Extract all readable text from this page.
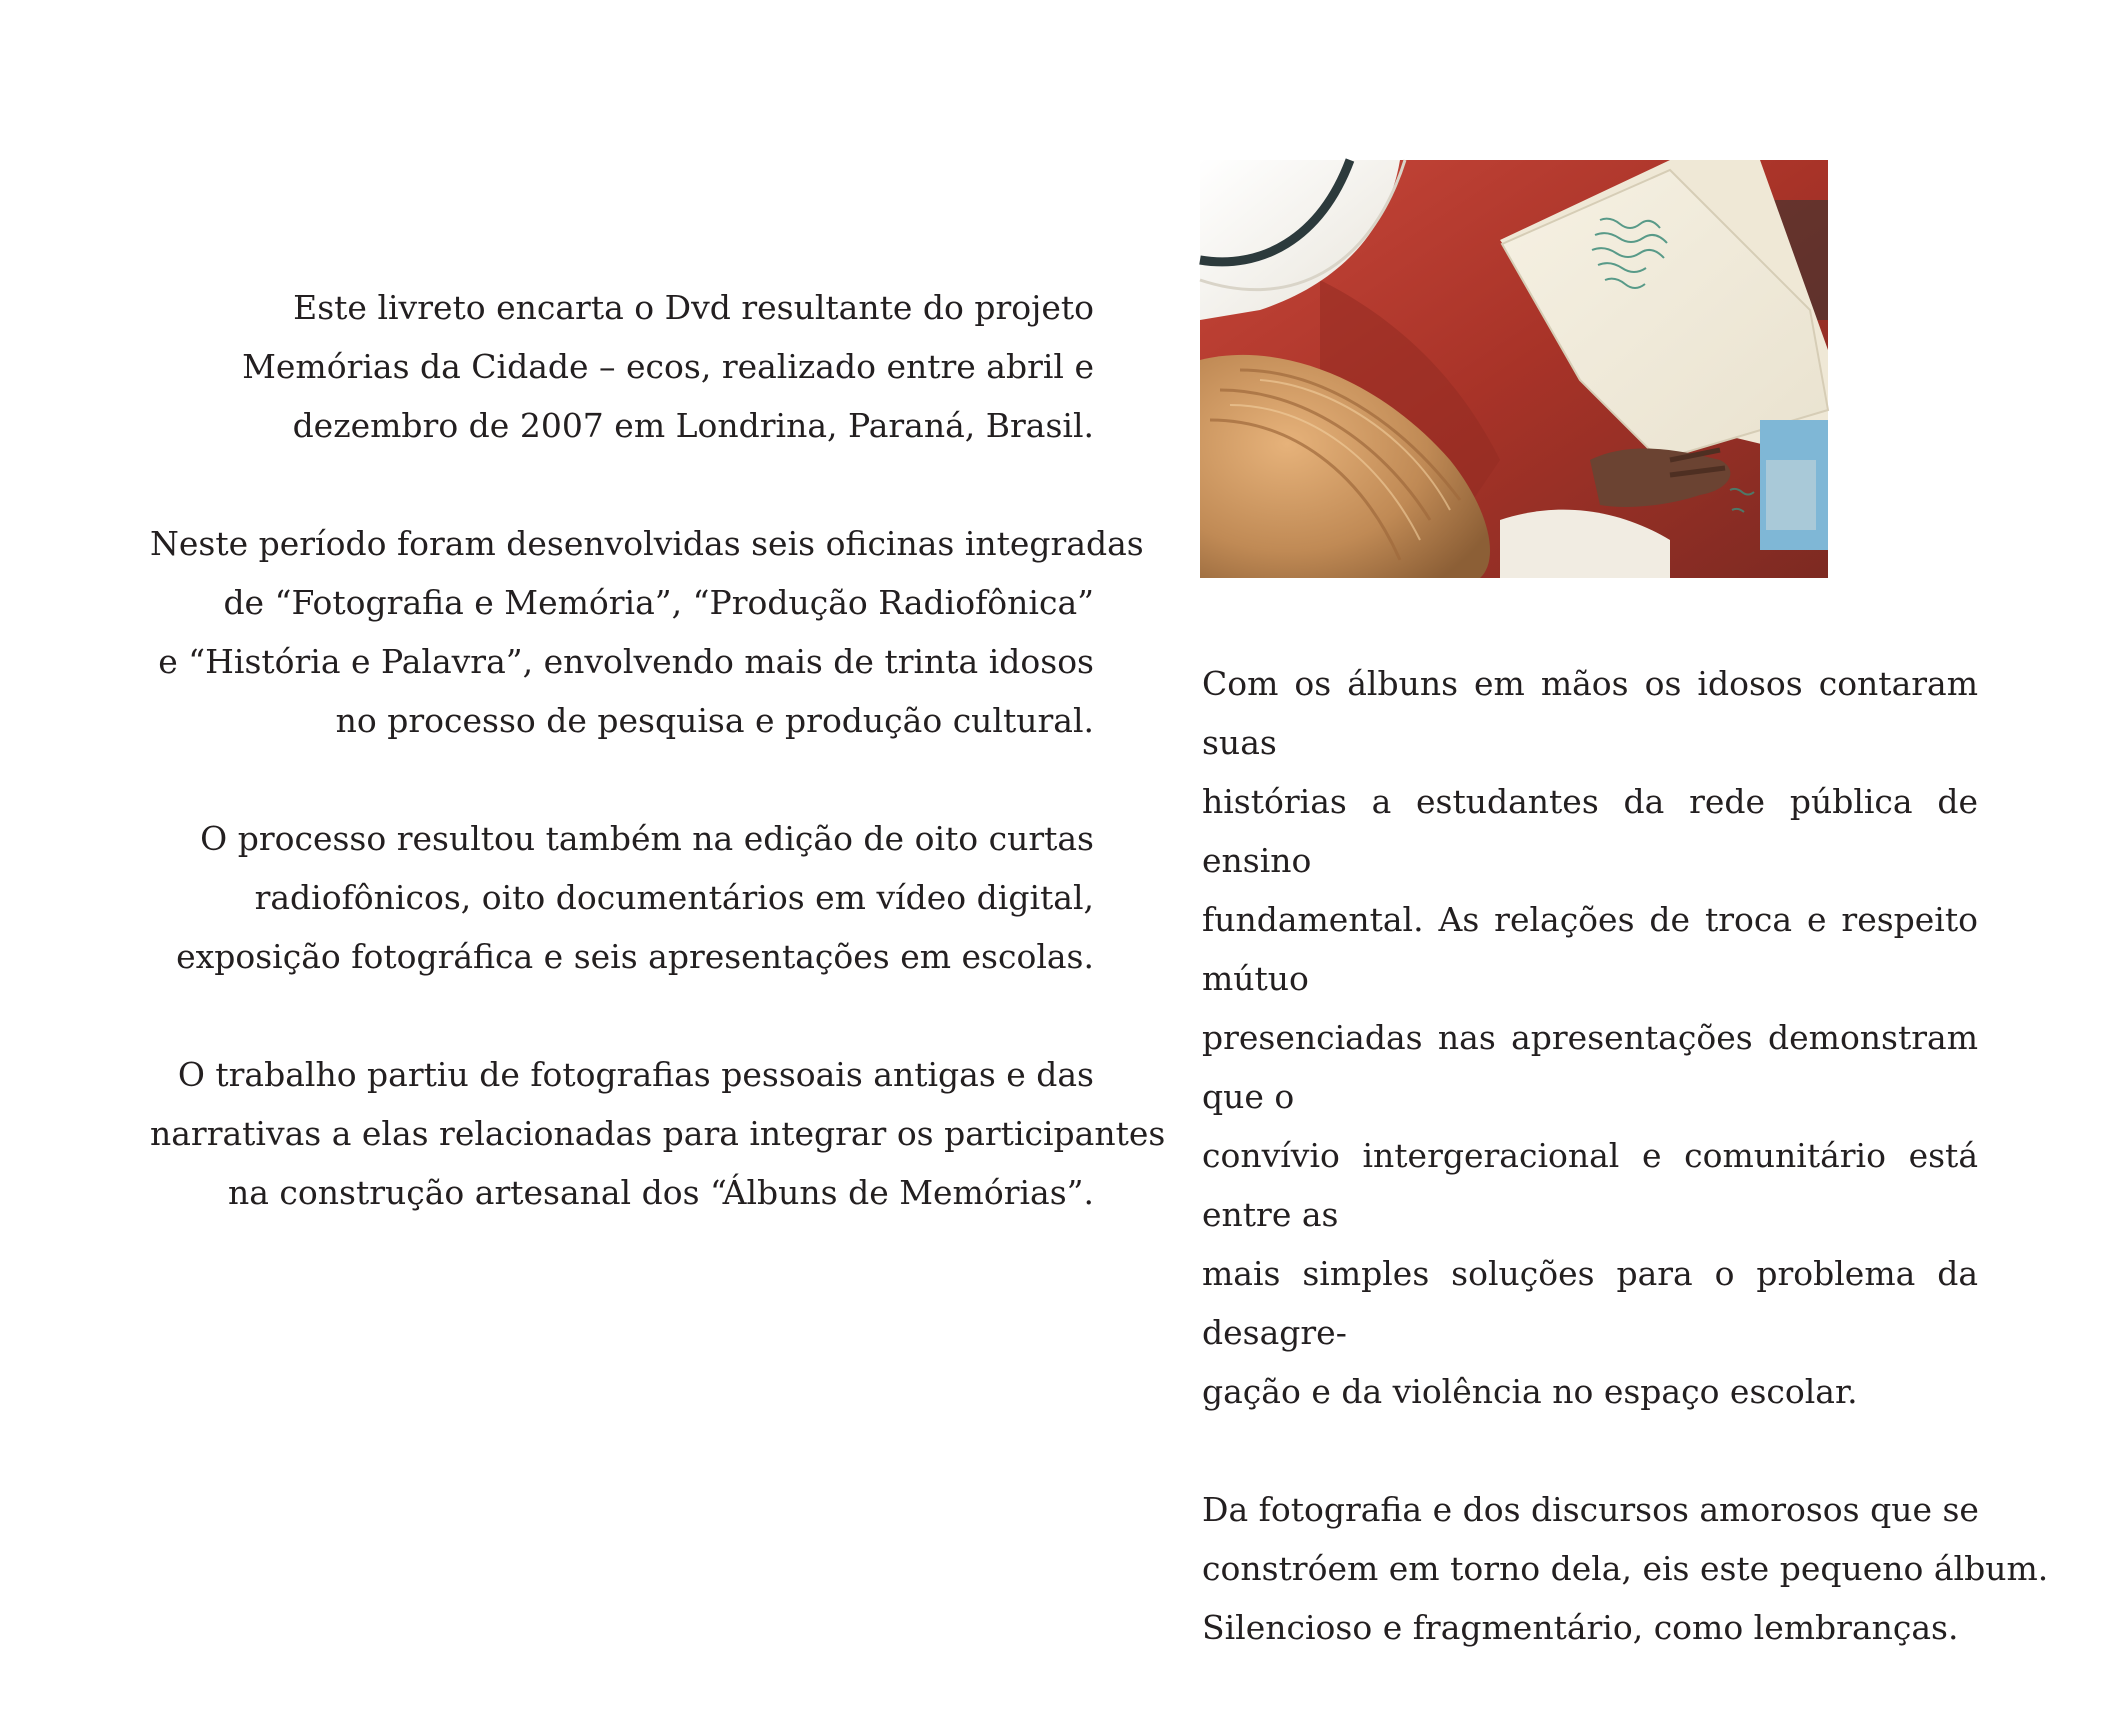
Este livreto encarta o Dvd resultante do projeto
Memórias da Cidade – ecos, realizado entre abril e
dezembro de 2007 em Londrina, Paraná, Brasil.

Neste período foram desenvolvidas seis oficinas integradas
de “Fotografia e Memória”, “Produção Radiofônica”
e “História e Palavra”, envolvendo mais de trinta idosos
no processo de pesquisa e produção cultural.

O processo resultou também na edição de oito curtas
radiofônicos, oito documentários em vídeo digital,
exposição fotográfica e seis apresentações em escolas.

O trabalho partiu de fotografias pessoais antigas e das
narrativas a elas relacionadas para integrar os participantes
na construção artesanal dos “Álbuns de Memórias”.

Com os álbuns em mãos os idosos contaram suas
histórias a estudantes da rede pública de ensino
fundamental. As relações de troca e respeito mútuo
presenciadas nas apresentações demonstram que o
convívio intergeracional e comunitário está entre as
mais simples soluções para o problema da desagre-
gação e da violência no espaço escolar.

Da fotografia e dos discursos amorosos que se
constróem em torno dela, eis este pequeno álbum.
Silencioso e fragmentário, como lembranças.
